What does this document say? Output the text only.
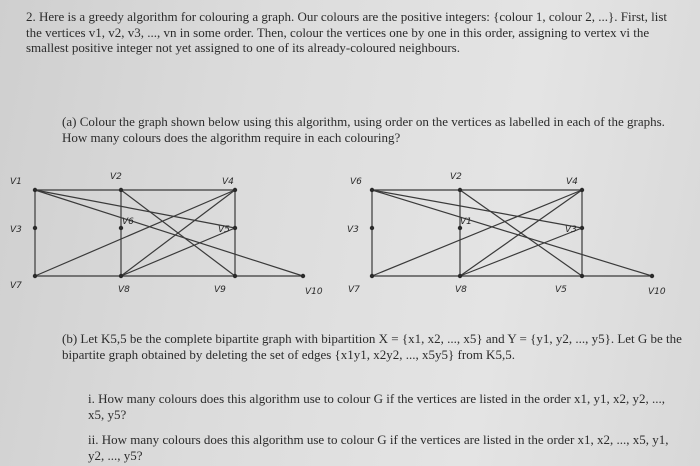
2. Here is a greedy algorithm for colouring a graph. Our colours are the positive integers: {colour 1, colour 2, ...}. First, list the vertices v1, v2, v3, ..., vn in some order. Then, colour the vertices one by one in this order, assigning to vertex vi the smallest positive integer not yet assigned to one of its already-coloured neighbours.
(a) Colour the graph shown below using this algorithm, using order on the vertices as labelled in each of the graphs. How many colours does the algorithm require in each colouring?
V1	V2	V4
V6
V3	V5
V7	V8	V9	V10
V6	V2	V4
V1
V3	V3
V7	V8	V5	V10
(b) Let K5,5 be the complete bipartite graph with bipartition X = {x1, x2, ..., x5} and Y = {y1, y2, ..., y5}. Let G be the bipartite graph obtained by deleting the set of edges {x1y1, x2y2, ..., x5y5} from K5,5.
i. How many colours does this algorithm use to colour G if the vertices are listed in the order x1, y1, x2, y2, ..., x5, y5?
ii. How many colours does this algorithm use to colour G if the vertices are listed in the order x1, x2, ..., x5, y1, y2, ..., y5?
